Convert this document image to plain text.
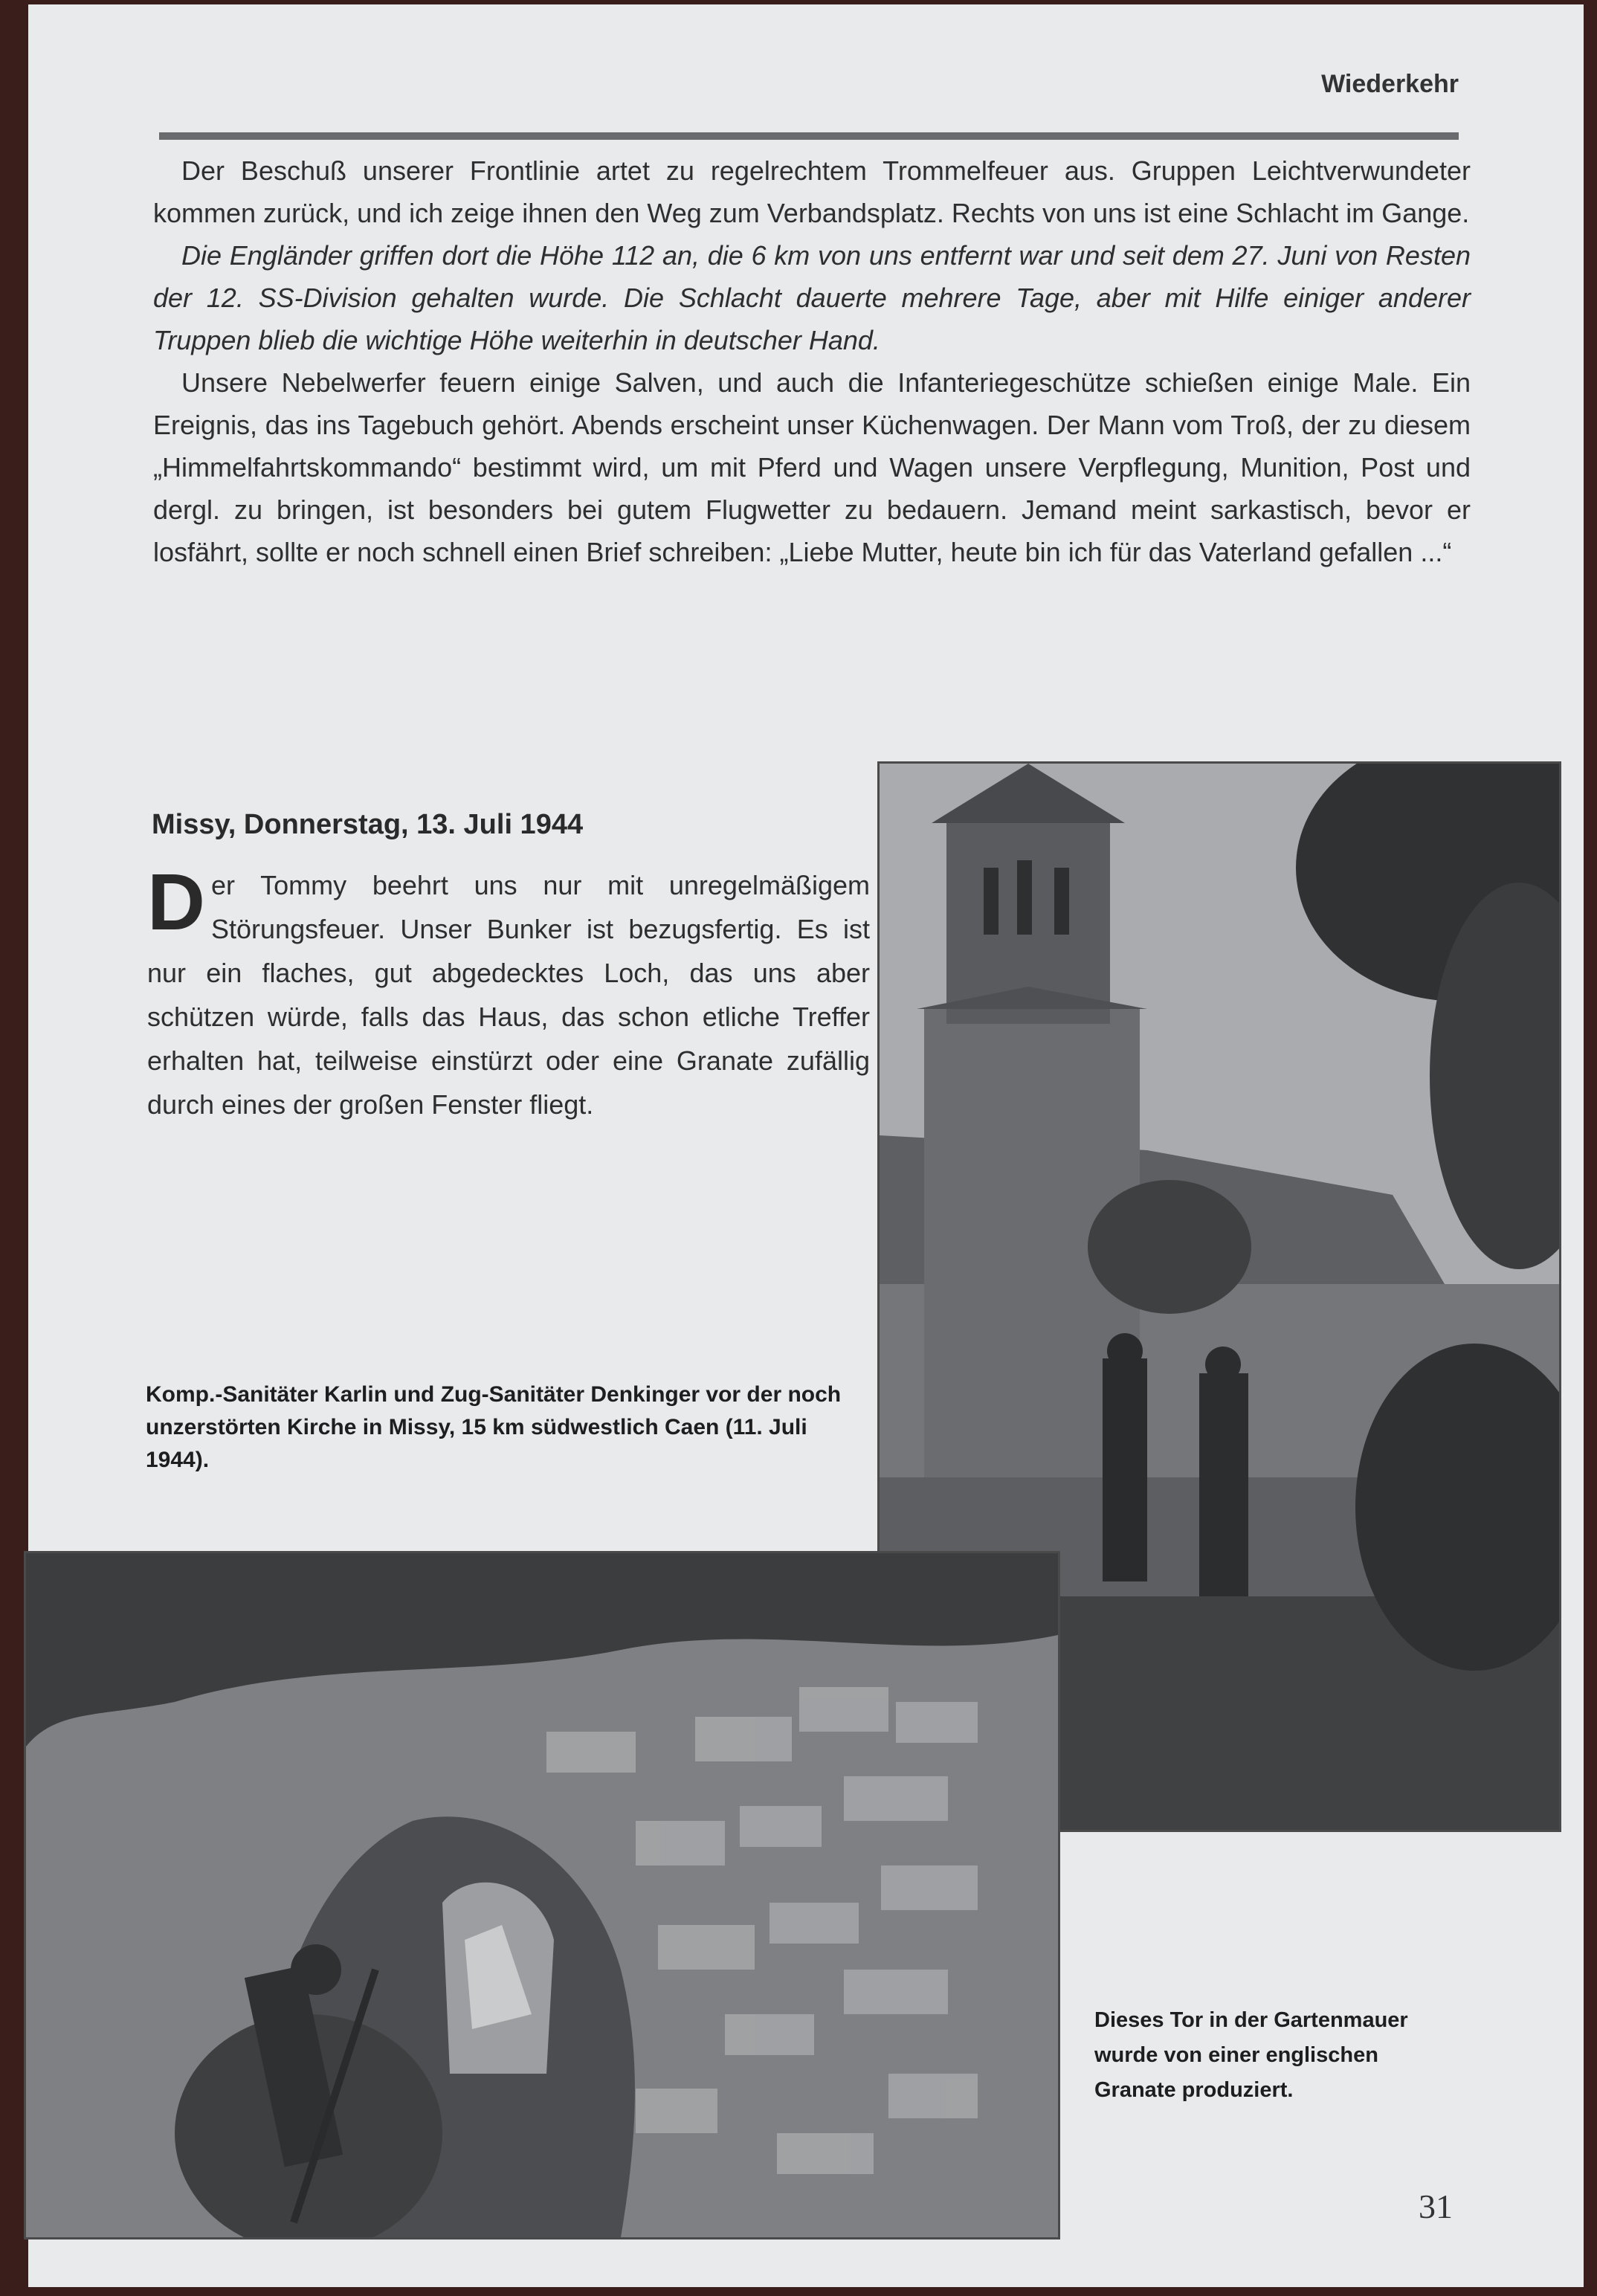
Wiederkehr

Der Beschuß unserer Frontlinie artet zu regelrechtem Trommelfeuer aus. Gruppen Leichtverwundeter kommen zurück, und ich zeige ihnen den Weg zum Verbandsplatz. Rechts von uns ist eine Schlacht im Gange.

Die Engländer griffen dort die Höhe 112 an, die 6 km von uns entfernt war und seit dem 27. Juni von Resten der 12. SS-Division gehalten wurde. Die Schlacht dauerte mehrere Tage, aber mit Hilfe einiger anderer Truppen blieb die wichtige Höhe weiterhin in deutscher Hand.

Unsere Nebelwerfer feuern einige Salven, und auch die Infanteriegeschütze schießen einige Male. Ein Ereignis, das ins Tagebuch gehört. Abends erscheint unser Küchenwagen. Der Mann vom Troß, der zu diesem „Himmelfahrtskommando“ bestimmt wird, um mit Pferd und Wagen unsere Verpflegung, Munition, Post und dergl. zu bringen, ist besonders bei gutem Flugwetter zu bedauern. Jemand meint sarkastisch, bevor er losfährt, sollte er noch schnell einen Brief schreiben: „Liebe Mutter, heute bin ich für das Vaterland gefallen ...“

Missy, Donnerstag, 13. Juli 1944
D er Tommy beehrt uns nur mit unregelmäßigem Störungsfeuer. Unser Bunker ist bezugsfertig. Es ist nur ein flaches, gut abgedecktes Loch, das uns aber schützen würde, falls das Haus, das schon etliche Treffer erhalten hat, teilweise einstürzt oder eine Granate zufällig durch eines der großen Fenster fliegt.
Komp.-Sanitäter Karlin und Zug-Sanitäter Denkinger vor der noch unzerstörten Kirche in Missy, 15 km südwestlich Caen (11. Juli 1944).
Dieses Tor in der Gartenmauer wurde von einer englischen Granate produziert.
31
